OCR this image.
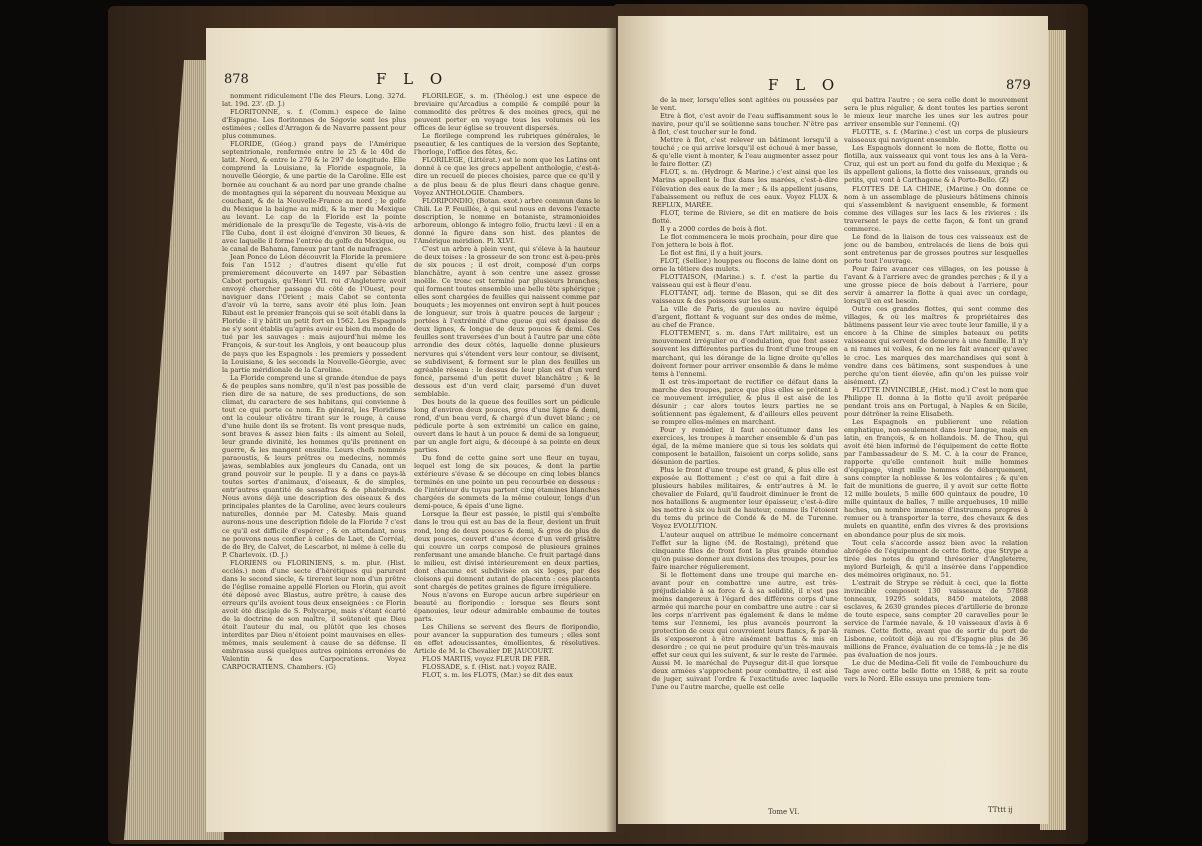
878	F L O

nomment ridiculement l'Ile des Fleurs. Long. 327d. lat. 19d. 23'. (D. J.)

FLORITONNE, s. f. (Comm.) espece de laine d'Espagne. Les floritonnes de Ségovie sont les plus estimées ; celles d'Arragon & de Navarre passent pour plus communes.

FLORIDE, (Géog.) grand pays de l'Amérique septentrionale, renfermée entre le 25 & le 40d de latit. Nord, & entre le 270 & le 297 de longitude. Elle comprend la Louisiane, la Floride espagnole, la nouvelle Géorgie, & une partie de la Caroline. Elle est bornée au couchant & au nord par une grande chaîne de montagnes qui la séparent du nouveau Mexique au couchant, & de la Nouvelle-France au nord ; le golfe du Mexique la baigne au midi, & la mer du Mexique au levant. Le cap de la Floride est la pointe méridionale de la presqu'île de Tegeste, vis-à-vis de l'île Cuba, dont il est éloigné d'environ 30 lieues, & avec laquelle il forme l'entrée du golfe du Mexique, ou le canal de Bahama, fameux par tant de naufrages.

Jean Ponce de Léon découvrit la Floride la premiere fois l'an 1512 ; d'autres disent qu'elle fut premierement découverte en 1497 par Sébastien Cabot portugais, qu'Henri VII. roi d'Angleterre avoit envoyé chercher passage du côté de l'Ouest, pour naviguer dans l'Orient ; mais Cabot se contenta d'avoir vû la terre, sans avoir été plus loin. Jean Ribaut est le premier françois qui se soit établi dans la Floride : il y bâtit un petit fort en 1562. Les Espagnols ne s'y sont établis qu'après avoir eu bien du monde de tué par les sauvages : mais aujourd'hui même les François, & sur-tout les Anglois, y ont beaucoup plus de pays que les Espagnols : les premiers y possedent la Louisiane, & les seconds la Nouvelle-Géorgie, avec la partie méridionale de la Caroline.

La Floride comprend une si grande étendue de pays & de peuples sans nombre, qu'il n'est pas possible de rien dire de sa nature, de ses productions, de son climat, du caractere de ses habitans, qui convienne à tout ce qui porte ce nom. En général, les Floridiens ont la couleur olivâtre tirant sur le rouge, à cause d'une huile dont ils se frotent. Ils vont presque nuds, sont braves & assez bien faits : ils aiment au Soleil, leur grande divinité, les hommes qu'ils prennent en guerre, & les mangent ensuite. Leurs chefs nommés paraoustis, & leurs prêtres ou medecins, nommés jawas, semblables aux jongleurs du Canada, ont un grand pouvoir sur le peuple. Il y a dans ce pays-là toutes sortes d'animaux, d'oiseaux, & de simples, entr'autres quantité de sassafras & de phatelrands. Nous avons déjà une description des oiseaux & des principales plantes de la Caroline, avec leurs couleurs naturelles, donnée par M. Catesby. Mais quand aurons-nous une description fidele de la Floride ? c'est ce qu'il est difficile d'espérer ; & en attendant, nous ne pouvons nous confier à celles de Laet, de Corréal, de de Bry, de Calvet, de Lescarbot, ni même à celle du P. Charlevoix. (D. J.)

FLORIENS ou FLORINIENS, s. m. plur. (Hist. ecclés.) nom d'une secte d'hérétiques qui parurent dans le second siecle, & tirerent leur nom d'un prêtre de l'église romaine appellé Florien ou Florin, qui avoit été déposé avec Blastus, autre prêtre, à cause des erreurs qu'ils avoient tous deux enseignées : ce Florin avoit été disciple de S. Polycarpe, mais s'étant écarté de la doctrine de son maître, il soûtenoit que Dieu étoit l'auteur du mal, ou plûtôt que les choses interdites par Dieu n'étoient point mauvaises en elles-mêmes, mais seulement à cause de sa défense. Il embrassa aussi quelques autres opinions erronées de Valentin & des Carpocratiens. Voyez CARPOCRATIENS. Chambers. (G)

FLORILEGE, s. m. (Théolog.) est une espece de breviaire qu'Arcadius a compilé & compilé pour la commodité des prêtres & des moines grecs, qui ne peuvent porter en voyage tous les volumes où les offices de leur église se trouvent dispersés.

Le florilege comprend les rubriques générales, le pseautier, & les cantiques de la version des Septante, l'horloge, l'office des fêtes, &c.

FLORILEGE, (Littérat.) est le nom que les Latins ont donné à ce que les grecs appellent anthologie, c'est-à-dire un recueil de pieces choisies, parce que ce qu'il y a de plus beau & de plus fleuri dans chaque genre. Voyez ANTHOLOGIE. Chambers.

FLORIPONDIO, (Botan. exot.) arbre commun dans le Chili. Le P. Feuillée, à qui seul nous en devons l'exacte description, le nomme en botaniste, stramonioides arboreum, oblongo & integro folio, fructu lævi : il en a donné la figure dans son hist. des plantes de l'Amérique méridion. Pl. XLVI.

C'est un arbre à plein vent, qui s'éleve à la hauteur de deux toises : la grosseur de son tronc est à-peu-près de six pouces ; il est droit, composé d'un corps blanchâtre, ayant à son centre une assez grosse moëlle. Ce tronc est terminé par plusieurs branches, qui forment toutes ensemble une belle tête sphérique ; elles sont chargées de feuilles qui naissent comme par bouquets ; les moyennes ont environ sept à huit pouces de longueur, sur trois à quatre pouces de largeur ; portées à l'extrémité d'une queue qui est épaisse de deux lignes, & longue de deux pouces & demi. Ces feuilles sont traversées d'un bout à l'autre par une côte arrondie des deux côtés, laquelle donne plusieurs nervures qui s'étendent vers leur contour, se divisent, se subdivisent, & forment sur le plan des feuilles un agréable réseau : le dessus de leur plan est d'un verd foncé, parsemé d'un petit duvet blanchâtre ; & le dessous est d'un verd clair, parsemé d'un duvet semblable.

Des bouts de la queue des feuilles sort un pédicule long d'environ deux pouces, gros d'une ligne & demi, rond, d'un beau verd, & chargé d'un duvet blanc ; ce pédicule porte à son extrémité un calice en gaine, ouvert dans le haut à un pouce & demi de sa longueur, par un angle fort aigu, & découpé à sa pointe en deux parties.

Du fond de cette gaine sort une fleur en tuyau, lequel est long de six pouces, & dont la partie extérieure s'évase & se découpe en cinq lobes blancs terminés en une pointe un peu recourbée en dessous : de l'intérieur du tuyau partent cinq étamines blanches chargées de sommets de la même couleur, longs d'un demi-pouce, & épais d'une ligne.

Lorsque la fleur est passée, le pistil qui s'emboîte dans le trou qui est au bas de la fleur, devient un fruit rond, long de deux pouces & demi, & gros de plus de deux pouces, couvert d'une écorce d'un verd grisâtre qui couvre un corps composé de plusieurs graines renfermant une amande blanche. Ce fruit partagé dans le milieu, est divisé intérieurement en deux parties, dont chacune est subdivisée en six loges, par des cloisons qui donnent autant de placenta : ces placenta sont chargés de petites graines de figure irréguliere.

Nous n'avons en Europe aucun arbre supérieur en beauté au floripondio : lorsque ses fleurs sont épanouies, leur odeur admirable embaume de toutes parts.

Les Chiliens se servent des fleurs de floripondio, pour avancer la suppuration des tumeurs ; elles sont en effet adoucissantes, émollientes, & résolutives. Article de M. le Chevalier DE JAUCOURT.

FLOS MARTIS, voyez FLEUR DE FER.

FLOSSADE, s. f. (Hist. nat.) voyez RAIE.

FLOT, s. m. les FLOTS, (Mar.) se dit des eaux

F L O	879

de la mer, lorsqu'elles sont agitées ou poussées par le vent.

Etre à flot, c'est avoir de l'eau suffisamment sous le navire, pour qu'il se soûtienne sans toucher. N'être pas à flot, c'est toucher sur le fond.

Mettre à flot, c'est relever un bâtiment lorsqu'il a touché ; ce qui arrive lorsqu'il est échoué à mer basse, & qu'elle vient à monter, & l'eau augmenter assez pour le faire flotter. (Z)

FLOT, s. m. (Hydrogr. & Marine.) c'est ainsi que les Marins appellent le flux dans les marées, c'est-à-dire l'élevation des eaux de la mer ; & ils appellent jusans, l'abaissement ou reflux de ces eaux. Voyez FLUX & REFLUX, MARÉE.

FLOT, terme de Riviere, se dit en matiere de bois flotté.

Il y a 2000 cordes de bois à flot.

Le flot commencera le mois prochain, pour dire que l'on jettera le bois à flot.

Le flot est fini, il y a huit jours.

FLOT, (Sellier.) houppes ou flocons de laine dont on orne la têtiere des mulets.

FLOTTAISON, (Marine.) s. f. c'est la partie du vaisseau qui est à fleur d'eau.

FLOTTANT, adj. terme de Blason, qui se dit des vaisseaux & des poissons sur les eaux.

La ville de Paris, de gueules au navire équipé d'argent, flottant & voguant sur des ondes de même, au chef de France.

FLOTTEMENT, s. m. dans l'Art militaire, est un mouvement irrégulier ou d'ondulation, que font assez souvent les différentes parties du front d'une troupe en marchant, qui les dérange de la ligne droite qu'elles doivent former pour arriver ensemble & dans le même tems à l'ennemi.

Il est très-important de rectifier ce défaut dans la marche des troupes, parce que plus elles se prêtent à ce mouvement irrégulier, & plus il est aisé de les désunir ; car alors toutes leurs parties ne se soûtiennent pas également, & d'ailleurs elles peuvent se rompre elles-mêmes en marchant.

Pour y remédier, il faut accoûtumer dans les exercices, les troupes à marcher ensemble & d'un pas égal, de la même maniere que si tous les soldats qui composent le bataillon, faisoient un corps solide, sans désunion de parties.

Plus le front d'une troupe est grand, & plus elle est exposée au flottement ; c'est ce qui a fait dire à plusieurs habiles militaires, & entr'autres à M. le chevalier de Folard, qu'il faudroit diminuer le front de nos bataillons & augmenter leur épaisseur, c'est-à-dire les mettre à six ou huit de hauteur, comme ils l'étoient du tems du prince de Condé & de M. de Turenne. Voyez EVOLUTION.

L'auteur auquel on attribue le mémoire concernant l'effet sur la ligne (M. de Rostaing), prétend que cinquante files de front font la plus grande étendue qu'on puisse donner aux divisions des troupes, pour les faire marcher régulierement.

Si le flottement dans une troupe qui marche en-avant pour en combattre une autre, est très-préjudiciable à sa force & à sa solidité, il n'est pas moins dangereux à l'égard des différens corps d'une armée qui marche pour en combattre une autre : car si les corps n'arrivent pas également & dans le même tems sur l'ennemi, les plus avancés pourront la protection de ceux qui couvroient leurs flancs, & par-là ils s'exposeront à être aisément battus & mis en desordre ; ce qui ne peut produire qu'un très-mauvais effet sur ceux qui les suivent, & sur le reste de l'armée. Aussi M. le maréchal de Puysegur dit-il que lorsque deux armées s'approchent pour combattre, il est aisé de juger, suivant l'ordre & l'exactitude avec laquelle l'une ou l'autre marche, quelle est celle

qui battra l'autre ; ce sera celle dont le mouvement sera le plus régulier, & dont toutes les parties seront le mieux leur marche les unes sur les autres pour arriver ensemble sur l'ennemi. (Q)

FLOTTE, s. f. (Marine.) c'est un corps de plusieurs vaisseaux qui naviguent ensemble.

Les Espagnols donnent le nom de flotte, flotte ou flotilla, aux vaisseaux qui vont tous les ans à la Vera-Cruz, qui est un port au fond du golfe du Mexique ; & ils appellent galions, la flotte des vaisseaux, grands ou petits, qui vont à Carthagene & à Porto-Bello. (Z)

FLOTTES DE LA CHINE, (Marine.) On donne ce nom à un assemblage de plusieurs bâtimens chinois qui s'assemblent & naviguent ensemble, & forment comme des villages sur les lacs & les rivieres : ils traversent le pays de cette façon, & font un grand commerce.

Le fond de la liaison de tous ces vaisseaux est de jonc ou de bambou, entrelacés de liens de bois qui sont entretenus par de grosses poutres sur lesquelles porte tout l'ouvrage.

Pour faire avancer ces villages, on les pousse à l'avant & à l'arriere avec de grandes perches ; & il y a une grosse piece de bois debout à l'arriere, pour servir à amarrer la flotte à quai avec un cordage, lorsqu'il en est besoin.

Outre ces grandes flottes, qui sont comme des villages, & où les maîtres & propriétaires des bâtimens passent leur vie avec toute leur famille, il y a encore à la Chine de simples bateaux ou petits vaisseaux qui servent de demeure à une famille. Il n'y a ni rames ni voiles, & on ne les fait avancer qu'avec le croc. Les marques des marchandises qui sont à vendre dans ces bâtimens, sont suspendues à une perche qu'on tient élevée, afin qu'on les puisse voir aisément. (Z)

FLOTTE INVINCIBLE, (Hist. mod.) C'est le nom que Philippe II. donna à la flotte qu'il avoit préparée pendant trois ans en Portugal, à Naples & en Sicile, pour détrôner la reine Elisabeth.

Les Espagnols en publierent une relation emphatique, non-seulement dans leur langue, mais en latin, en françois, & en hollandois. M. de Thou, qui avoit été bien informé de l'équipement de cette flotte par l'ambassadeur de S. M. C. à la cour de France, rapporte qu'elle contenoit huit mille hommes d'équipage, vingt mille hommes de débarquement, sans compter la noblesse & les volontaires ; & qu'en fait de munitions de guerre, il y avoit sur cette flotte 12 mille boulets, 5 mille 600 quintaux de poudre, 10 mille quintaux de balles, 7 mille arquebuses, 10 mille haches, un nombre immense d'instrumens propres à remuer ou à transporter la terre, des chevaux & des mulets en quantité, enfin des vivres & des provisions en abondance pour plus de six mois.

Tout cela s'accorde assez bien avec la relation abrégée de l'équipement de cette flotte, que Strype a tirée des notes du grand thrésorier d'Angleterre, mylord Burleigh, & qu'il a insérée dans l'appendice des mémoires originaux, no. 51.

L'extrait de Strype se réduit à ceci, que la flotte invincible composoit 130 vaisseaux de 57868 tonneaux, 19295 soldats, 8450 matelots, 2088 esclaves, & 2630 grandes pieces d'artillerie de bronze de toute espece, sans compter 20 caravelles pour le service de l'armée navale, & 10 vaisseaux d'avis à 6 rames. Cette flotte, avant que de sortir du port de Lisbonne, coûtoit déjà au roi d'Espagne plus de 36 millions de France, évaluation de ce tems-là ; je ne dis pas évaluation de nos jours.

Le duc de Medina-Celi fit voile de l'embouchure du Tage avec cette belle flotte en 1588, & prit sa route vers le Nord. Elle essuya une premiere tem-

Tome VI.	TTttt ij
